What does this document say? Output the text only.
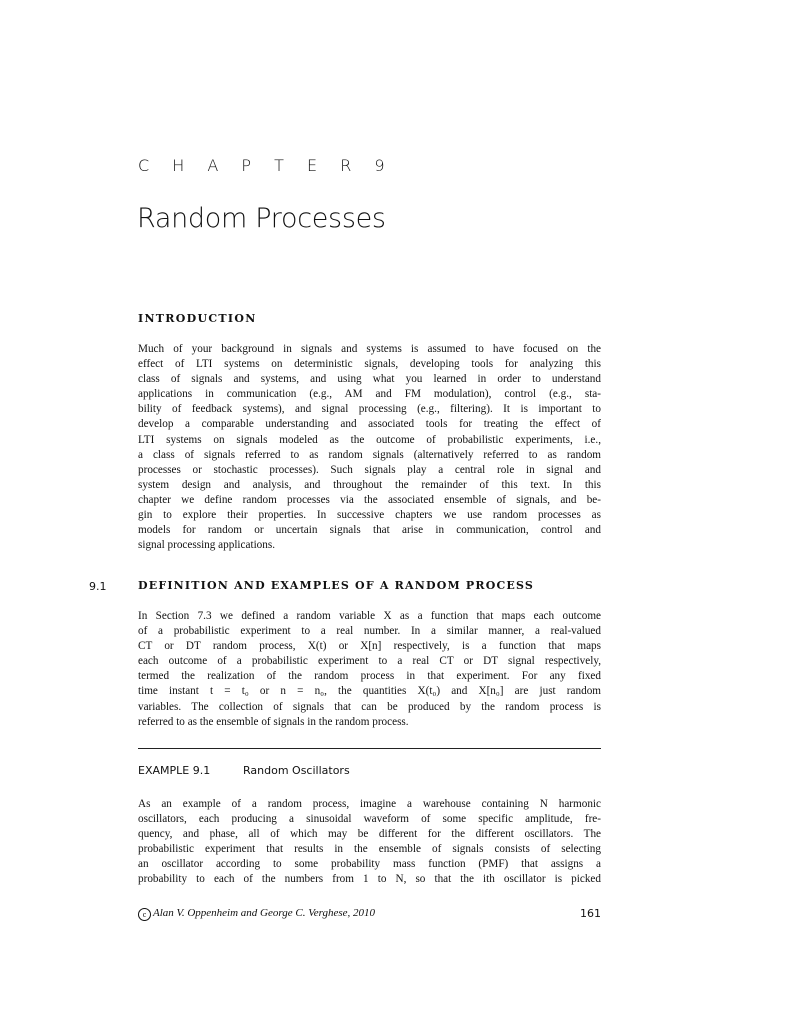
C H A P T E R 9
Random Processes
INTRODUCTION
Much of your background in signals and systems is assumed to have focused on the
effect of LTI systems on deterministic signals, developing tools for analyzing this
class of signals and systems, and using what you learned in order to understand
applications in communication (e.g., AM and FM modulation), control (e.g., sta-
bility of feedback systems), and signal processing (e.g., filtering). It is important to
develop a comparable understanding and associated tools for treating the effect of
LTI systems on signals modeled as the outcome of probabilistic experiments, i.e.,
a class of signals referred to as random signals (alternatively referred to as random
processes or stochastic processes). Such signals play a central role in signal and
system design and analysis, and throughout the remainder of this text. In this
chapter we define random processes via the associated ensemble of signals, and be-
gin to explore their properties. In successive chapters we use random processes as
models for random or uncertain signals that arise in communication, control and
signal processing applications.
9.1	DEFINITION AND EXAMPLES OF A RANDOM PROCESS
In Section 7.3 we defined a random variable X as a function that maps each outcome
of a probabilistic experiment to a real number. In a similar manner, a real-valued
CT or DT random process, X(t) or X[n] respectively, is a function that maps
each outcome of a probabilistic experiment to a real CT or DT signal respectively,
termed the realization of the random process in that experiment. For any fixed
time instant t = t₀ or n = n₀, the quantities X(t₀) and X[n₀] are just random
variables. The collection of signals that can be produced by the random process is
referred to as the ensemble of signals in the random process.
EXAMPLE 9.1	Random Oscillators
As an example of a random process, imagine a warehouse containing N harmonic
oscillators, each producing a sinusoidal waveform of some specific amplitude, fre-
quency, and phase, all of which may be different for the different oscillators. The
probabilistic experiment that results in the ensemble of signals consists of selecting
an oscillator according to some probability mass function (PMF) that assigns a
probability to each of the numbers from 1 to N, so that the ith oscillator is picked
c Alan V. Oppenheim and George C. Verghese, 2010	161
